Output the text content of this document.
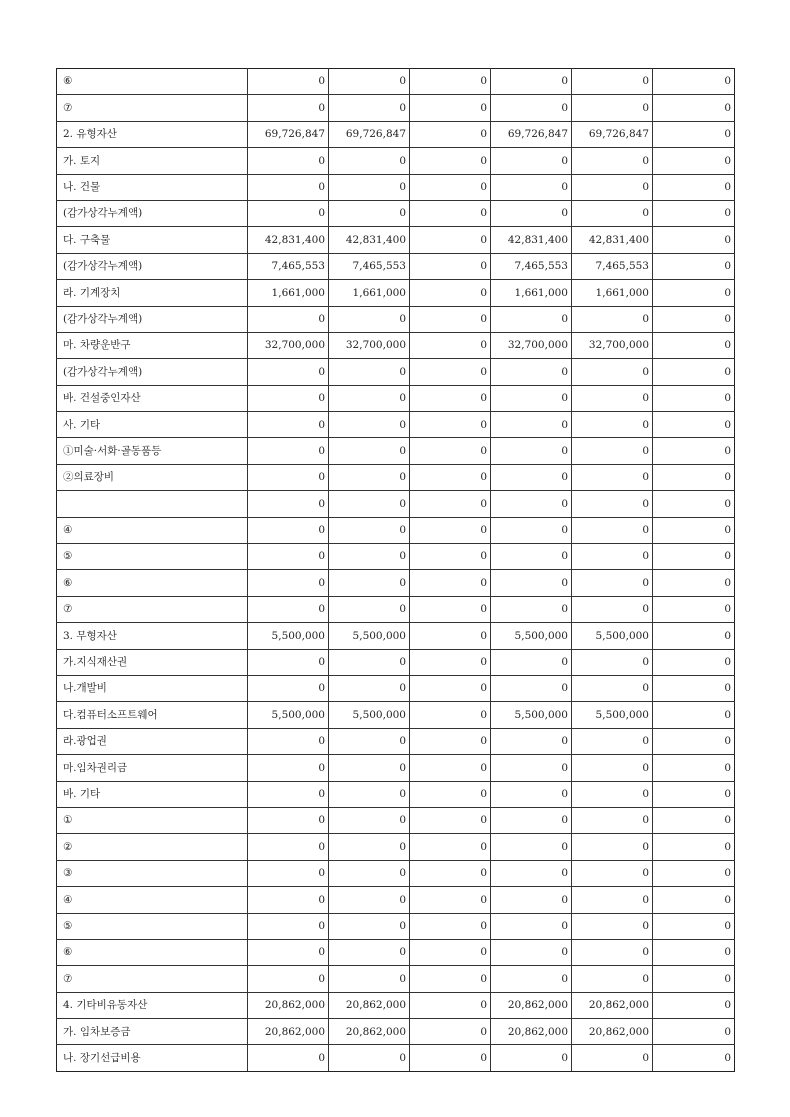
⑥	0	0	0	0	0	0
⑦	0	0	0	0	0	0
2. 유형자산	69,726,847	69,726,847	0	69,726,847	69,726,847	0
가. 토지	0	0	0	0	0	0
나. 건물	0	0	0	0	0	0
(감가상각누계액)	0	0	0	0	0	0
다. 구축물	42,831,400	42,831,400	0	42,831,400	42,831,400	0
(감가상각누계액)	7,465,553	7,465,553	0	7,465,553	7,465,553	0
라. 기계장치	1,661,000	1,661,000	0	1,661,000	1,661,000	0
(감가상각누계액)	0	0	0	0	0	0
마. 차량운반구	32,700,000	32,700,000	0	32,700,000	32,700,000	0
(감가상각누계액)	0	0	0	0	0	0
바. 건설중인자산	0	0	0	0	0	0
사. 기타	0	0	0	0	0	0
①미술·서화·골동품등	0	0	0	0	0	0
②의료장비	0	0	0	0	0	0
	0	0	0	0	0	0
④	0	0	0	0	0	0
⑤	0	0	0	0	0	0
⑥	0	0	0	0	0	0
⑦	0	0	0	0	0	0
3. 무형자산	5,500,000	5,500,000	0	5,500,000	5,500,000	0
가.지식재산권	0	0	0	0	0	0
나.개발비	0	0	0	0	0	0
다.컴퓨터소프트웨어	5,500,000	5,500,000	0	5,500,000	5,500,000	0
라.광업권	0	0	0	0	0	0
마.임차권리금	0	0	0	0	0	0
바. 기타	0	0	0	0	0	0
①	0	0	0	0	0	0
②	0	0	0	0	0	0
③	0	0	0	0	0	0
④	0	0	0	0	0	0
⑤	0	0	0	0	0	0
⑥	0	0	0	0	0	0
⑦	0	0	0	0	0	0
4. 기타비유동자산	20,862,000	20,862,000	0	20,862,000	20,862,000	0
가. 임차보증금	20,862,000	20,862,000	0	20,862,000	20,862,000	0
나. 장기선급비용	0	0	0	0	0	0
